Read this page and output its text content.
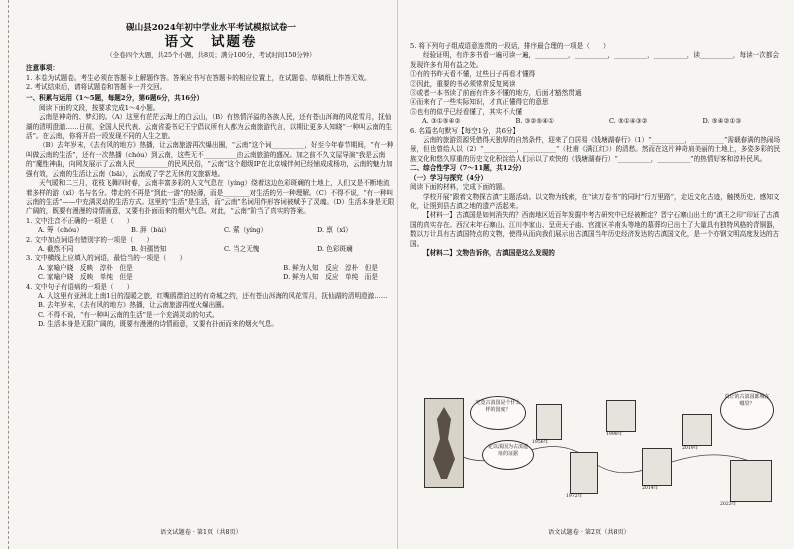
砚山县2024年初中学业水平考试模拟试卷一
语文　试题卷
（全卷四个大题，共25个小题，共8页；满分100分，考试时间150分钟）

注意事项：

1. 本卷为试题卷。考生必须在答题卡上解题作答。答案应书写在答题卡的相应位置上，在试题卷、草稿纸上作答无效。

2. 考试结束后，请将试题卷和答题卡一并交回。

一、积累与运用（1～5题，每题2分，第6题6分，共16分）

阅读下面的文段，按要求完成1～4小题。

云南是神奇的、梦幻的。（A）这里有茫茫云海上的白云山，（B）有热情洋溢的各族人民，还有苍山洱海的风花雪月，抚仙湖的清明澄澈……日前，全国人民代表、云南省委书记王宁倡议所有人都为云南旅游代言，以期让更多人知晓“一种叫云南的生活”。在云南，你将开启一段发现不同的人生之旅。

（B）去年岁末，《去有风的地方》热播，让云南旅游再次爆出圈，“云南”这个词__________，好至今年春节期间，“有一种叫做云南的生活”，还有一次热播（chóu）到云南，这些无不__________由云南旅游的盛况。加之前不久文屋导演“我是云南的”魔性神曲，向网友展示了云南人民__________的民风民俗，“云南”这个超级IP在北京城伴何已经铺成成杨功，云南的魅力加强有效，云南的生活让云南（bāi），云南成了学艺无休的文旅新地。

天气暖和二三月，花枝飞舞四时春，云南丰富多彩的人文气息在（yíng）绕着这边色彩斑斓的土地上，人们又是不断地流着多样的游（xǐ）名与名分。带走的不再是“到此一游”的轻薄，而是________对生活的另一种理解。（C）不得不说，“有一种叫云南的生活”——中充满灵动的生活方式。这里的“生活”是生活，而“云南”名词用作形容词被赋予了灵魂。（D）生活本身是无限广阔的，既要有漫漫的诗情画意，又要有扑面而来的烟火气息。对此，“云南”阶当了真实的答案。

1. 文中注音不正确的一项是（　　）

A. 筹（chóu）	B. 湃（bài）	C. 萦（yíng）	D. 禀（xǐ）

2. 文中加点词语有错别字的一项是（　　）

A. 截然不同	B. 妇孺皆知	C. 当之无愧	D. 色彩斑斓

3. 文中横线上应填入的词语，最恰当的一项是（　　）

A. 家喻户晓　反映　淳朴　但是	B. 鲜为人知　反应　淳朴　但是
C. 家喻户晓　反映　单纯　但是	D. 鲜为人知　反应　单纯　而是

4. 文中句子有语病的一项是（　　）

A. 人这里有亚洲北上南1日的湿暖之旅，红嘴鸥漂泊过的有奇城之约，还有苍山洱海的风花雪月，抚仙湖的清明澄澈……

B. 去年岁末，《去有风的地方》热播，让云南旅游再度火爆出圈。

C. 不得不说，“有一种叫云南的生活”是一个充满灵动的句式。

D. 生活本身是无限广阔的，既要有漫漫的诗情画意，又要有扑面而来的烟火气息。

语文试题卷 · 第1页（共8页）

5. 将下列句子组成语意连贯的一段话，排序最合理的一项是（　　）

经验证明，有许多书看一遍可读一遍，__________，__________，__________，__________，读__________，每读一次都会发现许多有用有益之处。

①有的书昨天看不懂，过些日子再看才懂得

②因此，重要的书必须常常反复阅读

③或者一本书读了前面有许多不懂的地方，后面才豁然贯通

④而来有了一些实际知识，才真正懂得它的意思

⑤也有的似乎已经看懂了，其实不大懂

A. ③①⑤④②	B. ③②⑤④①	C. ⑤①④③②	D. ⑤④②①③

6. 名篇名句默写【每空1分，共6分】

云南的旅游资源凭借得天独厚的自然条件，迎来了白居易《钱塘湖春行》（1）“__________，__________”需载春满的热闹场景，但也曾给人以（2）“__________，__________”（杜甫《满江红》）的清愁。然而在这片神奇肩美丽的土地上，多姿多彩的民族文化和悠久厚重的历史文化积淀给人们示以了欢快的（钱塘湖春行）“__________，__________”的热情好客和淳朴民风。

二、综合性学习（7～11题，共12分）

（一）学习与探究（4分）

阅读下面的材料，完成下面的题。

学校开展“跟着文物探古滇”主题活动。以文物为线索，在“读万卷书”的同时“行万里路”，走近文化古迹，触摸历史、感知文化，让照到县古滇之地的遗产活起来。

【材料一】古滇国是如何消失的？西南地区近百年发掘中考古研究中已经被断定？晋宁石寨山出土的“滇王之印”印证了古滇国的真实存在。西汉末年石寨山、江川李家山、呈贡天子庙、官渡区羊甫头等地的墓葬均已出土了大量具有独特风格的青铜器，数以万计具有古滇国特点的文物，使得从而向我们展示出古滇国当年历史经济发达的古滇国文化，是一个亦钢文明高度发达的古国。

【材料二】文物告诉你，古滇国是这么发现的

究竟古滇国是个什么样的国度？
定以滇国为古滇遗址的证据
1956年
1972年
1998年
2014年
2019年
真正的古滇国都城在哪里？
2023年
语文试题卷 · 第2页（共8页）
